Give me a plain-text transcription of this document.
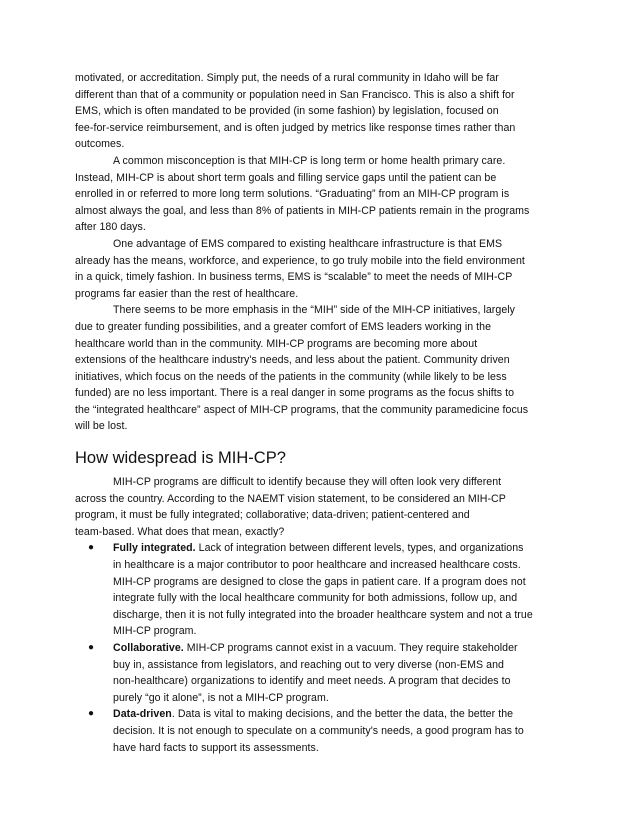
motivated, or accreditation. Simply put, the needs of a rural community in Idaho will be far
different than that of a community or population need in San Francisco. This is also a shift for
EMS, which is often mandated to be provided (in some fashion) by legislation, focused on
fee-for-service reimbursement, and is often judged by metrics like response times rather than
outcomes.
A common misconception is that MIH-CP is long term or home health primary care.
Instead, MIH-CP is about short term goals and filling service gaps until the patient can be
enrolled in or referred to more long term solutions. “Graduating” from an MIH-CP program is
almost always the goal, and less than 8% of patients in MIH-CP patients remain in the programs
after 180 days.
One advantage of EMS compared to existing healthcare infrastructure is that EMS
already has the means, workforce, and experience, to go truly mobile into the field environment
in a quick, timely fashion. In business terms, EMS is “scalable” to meet the needs of MIH-CP
programs far easier than the rest of healthcare.
There seems to be more emphasis in the “MIH” side of the MIH-CP initiatives, largely
due to greater funding possibilities, and a greater comfort of EMS leaders working in the
healthcare world than in the community. MIH-CP programs are becoming more about
extensions of the healthcare industry's needs, and less about the patient. Community driven
initiatives, which focus on the needs of the patients in the community (while likely to be less
funded) are no less important. There is a real danger in some programs as the focus shifts to
the “integrated healthcare” aspect of MIH-CP programs, that the community paramedicine focus
will be lost.
How widespread is MIH-CP?
MIH-CP programs are difficult to identify because they will often look very different
across the country. According to the NAEMT vision statement, to be considered an MIH-CP
program, it must be fully integrated; collaborative; data-driven; patient-centered and
team-based. What does that mean, exactly?
● Fully integrated. Lack of integration between different levels, types, and organizations
in healthcare is a major contributor to poor healthcare and increased healthcare costs.
MIH-CP programs are designed to close the gaps in patient care. If a program does not
integrate fully with the local healthcare community for both admissions, follow up, and
discharge, then it is not fully integrated into the broader healthcare system and not a true
MIH-CP program.
● Collaborative. MIH-CP programs cannot exist in a vacuum. They require stakeholder
buy in, assistance from legislators, and reaching out to very diverse (non-EMS and
non-healthcare) organizations to identify and meet needs. A program that decides to
purely “go it alone”, is not a MIH-CP program.
● Data-driven. Data is vital to making decisions, and the better the data, the better the
decision. It is not enough to speculate on a community's needs, a good program has to
have hard facts to support its assessments.
